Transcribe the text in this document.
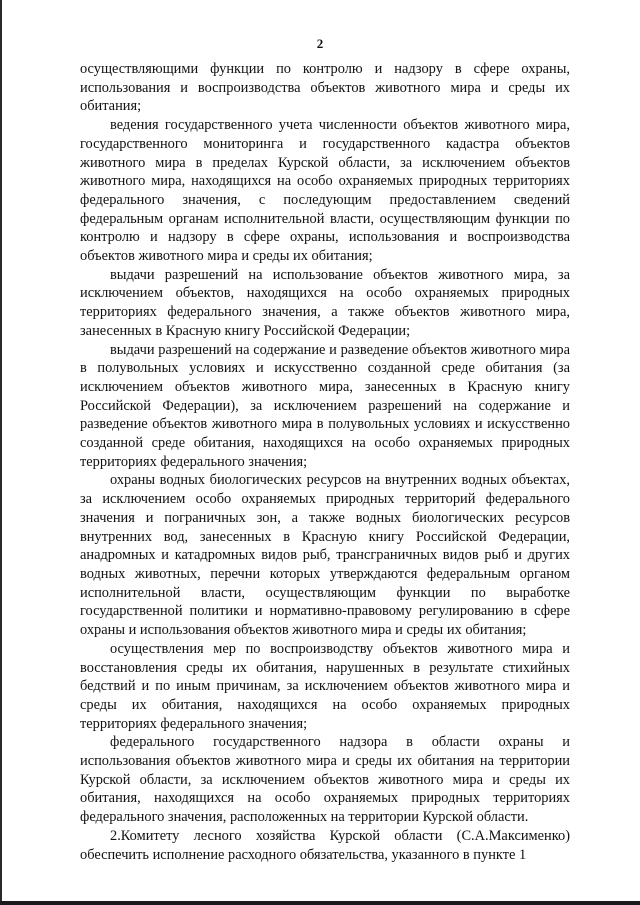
2

осуществляющими функции по контролю и надзору в сфере охраны, использования и воспроизводства объектов животного мира и среды их обитания;

ведения государственного учета численности объектов животного мира, государственного мониторинга и государственного кадастра объектов животного мира в пределах Курской области, за исключением объектов животного мира, находящихся на особо охраняемых природных территориях федерального значения, с последующим предоставлением сведений федеральным органам исполнительной власти, осуществляющим функции по контролю и надзору в сфере охраны, использования и воспроизводства объектов животного мира и среды их обитания;

выдачи разрешений на использование объектов животного мира, за исключением объектов, находящихся на особо охраняемых природных территориях федерального значения, а также объектов животного мира, занесенных в Красную книгу Российской Федерации;

выдачи разрешений на содержание и разведение объектов животного мира в полувольных условиях и искусственно созданной среде обитания (за исключением объектов животного мира, занесенных в Красную книгу Российской Федерации), за исключением разрешений на содержание и разведение объектов животного мира в полувольных условиях и искусственно созданной среде обитания, находящихся на особо охраняемых природных территориях федерального значения;

охраны водных биологических ресурсов на внутренних водных объектах, за исключением особо охраняемых природных территорий федерального значения и пограничных зон, а также водных биологических ресурсов внутренних вод, занесенных в Красную книгу Российской Федерации, анадромных и катадромных видов рыб, трансграничных видов рыб и других водных животных, перечни которых утверждаются федеральным органом исполнительной власти, осуществляющим функции по выработке государственной политики и нормативно-правовому регулированию в сфере охраны и использования объектов животного мира и среды их обитания;

осуществления мер по воспроизводству объектов животного мира и восстановления среды их обитания, нарушенных в результате стихийных бедствий и по иным причинам, за исключением объектов животного мира и среды их обитания, находящихся на особо охраняемых природных территориях федерального значения;

федерального государственного надзора в области охраны и использования объектов животного мира и среды их обитания на территории Курской области, за исключением объектов животного мира и среды их обитания, находящихся на особо охраняемых природных территориях федерального значения, расположенных на территории Курской области.

2.Комитету лесного хозяйства Курской области (С.А.Максименко) обеспечить исполнение расходного обязательства, указанного в пункте 1
